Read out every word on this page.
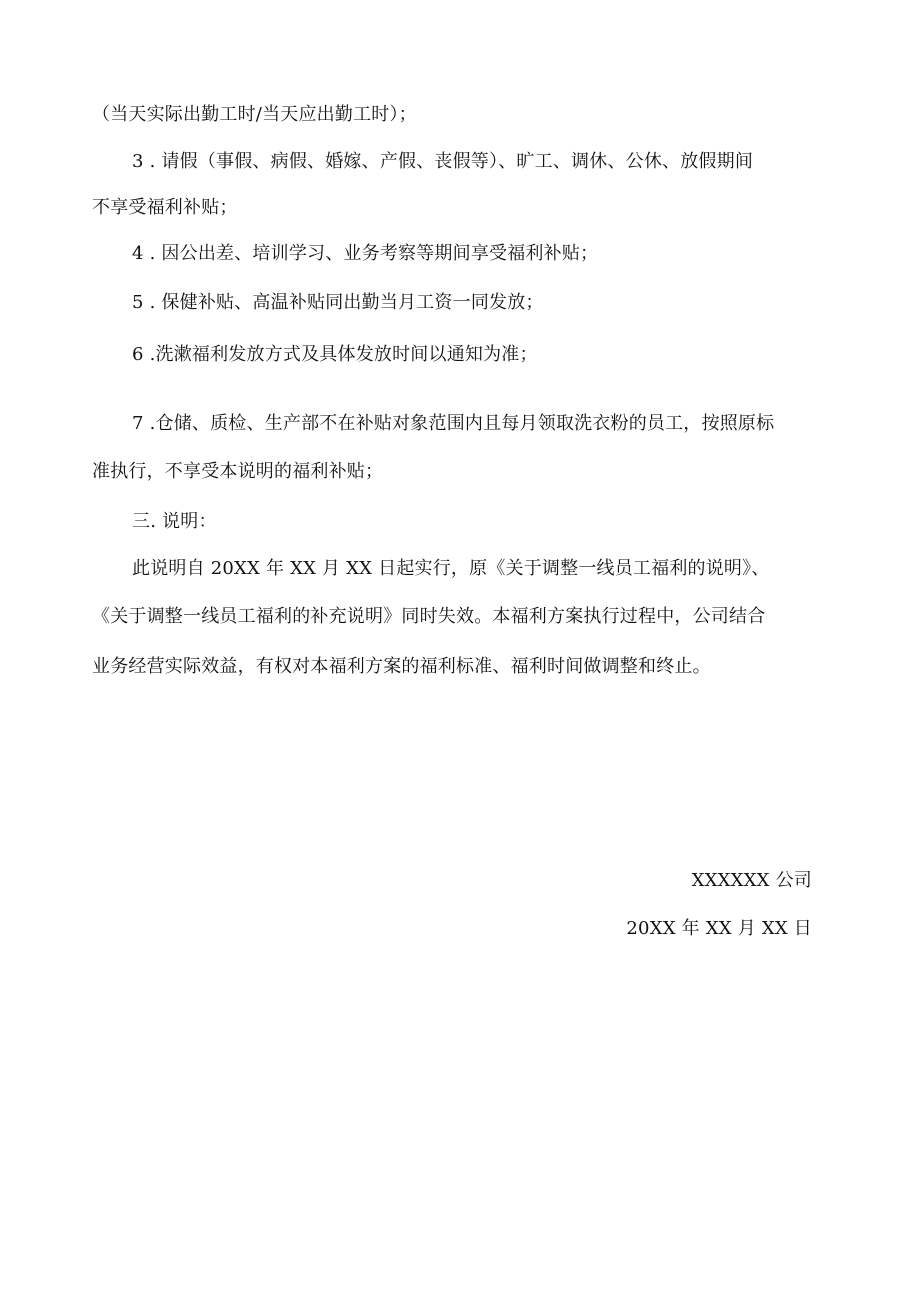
（当天实际出勤工时/当天应出勤工时）；
3 . 请假（事假、病假、婚嫁、产假、丧假等）、旷工、调休、公休、放假期间
不享受福利补贴；
4 . 因公出差、培训学习、业务考察等期间享受福利补贴；
5 . 保健补贴、高温补贴同出勤当月工资一同发放；
6 .洗漱福利发放方式及具体发放时间以通知为准；
7 .仓储、质检、生产部不在补贴对象范围内且每月领取洗衣粉的员工，按照原标
准执行，不享受本说明的福利补贴；
三. 说明：
此说明自 20XX 年 XX 月 XX 日起实行，原《关于调整一线员工福利的说明》、
《关于调整一线员工福利的补充说明》同时失效。本福利方案执行过程中，公司结合
业务经营实际效益，有权对本福利方案的福利标准、福利时间做调整和终止。
XXXXXX 公司
20XX 年 XX 月 XX 日
